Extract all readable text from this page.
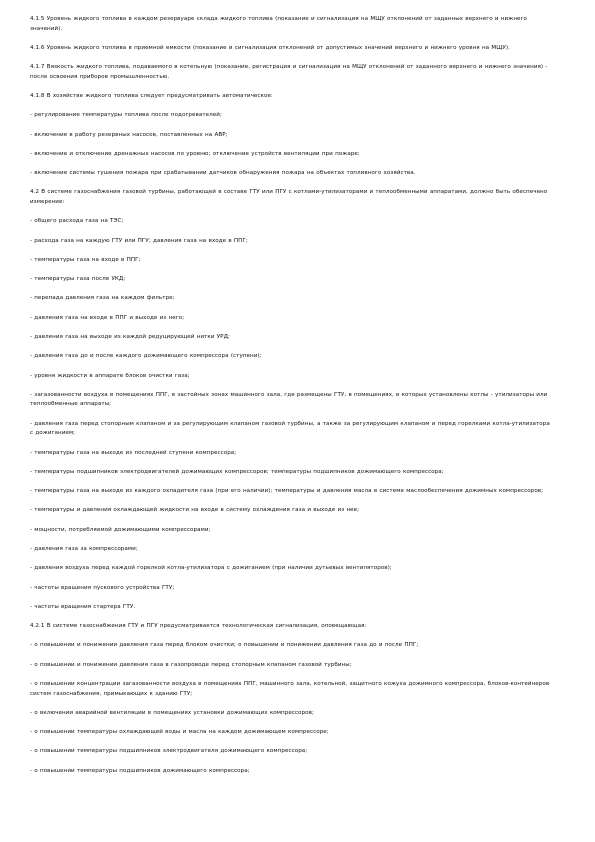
4.1.5 Уровень жидкого топлива в каждом резервуаре склада жидкого топлива (показание и сигнализация на МЩУ отклонений от заданных верхнего и нижнего значений).

4.1.6 Уровень жидкого топлива в приемной емкости (показание и сигнализация отклонений от допустимых значений верхнего и нижнего уровня на МЩУ).

4.1.7 Вязкость жидкого топлива, подаваемого в котельную (показание, регистрация и сигнализация на МЩУ отклонений от заданного верхнего и нижнего значения) - после освоения приборов промышленностью.

4.1.8 В хозяйстве жидкого топлива следует предусматривать автоматическое:

- регулирование температуры топлива после подогревателей;

- включение в работу резервных насосов, поставленных на АВР;

- включение и отключение дренажных насосов по уровню; отключение устройств вентиляции при пожаре;

- включение системы тушения пожара при срабатывании датчиков обнаружения пожара на объектах топливного хозяйства.

4.2 В системе газоснабжения газовой турбины, работающей в составе ГТУ или ПГУ с котлами-утилизаторами и теплообменными аппаратами, должно быть обеспечено измерение:

- общего расхода газа на ТЭС;

- расхода газа на каждую ГТУ или ПГУ; давления газа на входе в ППГ;

- температуры газа на входе в ППГ;

- температуры газа после УКД;

- перепада давления газа на каждом фильтре;

- давления газа на входе в ППГ и выходе из него;

- давления газа на выходе из каждой редуцирующей нитки УРД;

- давления газа до и после каждого дожимающего компрессора (ступени);

- уровня жидкости в аппарате блоков очистки газа;

- загазованности воздуха в помещениях ППГ, в застойных зонах машинного зала, где размещены ГТУ, в помещениях, в которых установлены котлы - утилизаторы или теплообменные аппараты;

- давления газа перед стопорным клапаном и за регулирующим клапаном газовой турбины, а также за регулирующим клапаном и перед горелками котла-утилизатора с дожиганием;

- температуры газа на выходе из последней ступени компрессора;

- температуры подшипников электродвигателей дожимающих компрессоров; температуры подшипников дожимающего компрессора;

- температуры газа на выходе из каждого охладителя газа (при его наличии); температуры и давления масла в системе маслообеспечения дожимных компрессоров;

- температуры и давления охлаждающей жидкости на входе в систему охлаждения газа и выходе из нее;

- мощности, потребляемой дожимающими компрессорами;

- давления газа за компрессорами;

- давления воздуха перед каждой горелкой котла-утилизатора с дожиганием (при наличии дутьевых вентиляторов);

- частоты вращения пускового устройства ГТУ;

- частоты вращения стартера ГТУ.

4.2.1 В системе газоснабжения ГТУ и ПГУ предусматривается технологическая сигнализация, оповещающая:

- о повышении и понижении давления газа перед блоком очистки; о повышении и понижении давления газа до и после ППГ;

- о повышении и понижении давления газа в газопроводе перед стопорным клапаном газовой турбины;

- о повышении концентрации загазованности воздуха в помещениях ППГ, машинного зала, котельной, защитного кожуха дожимного компрессора, блоков-контейнеров систем газоснабжения, примыкающих к зданию ГТУ;

- о включении аварийной вентиляции в помещениях установки дожимающих компрессоров;

- о повышении температуры охлаждающей воды и масла на каждом дожимающем компрессоре;

- о повышении температуры подшипников электродвигателя дожимающего компрессора;

- о повышении температуры подшипников дожимающего компрессора;
